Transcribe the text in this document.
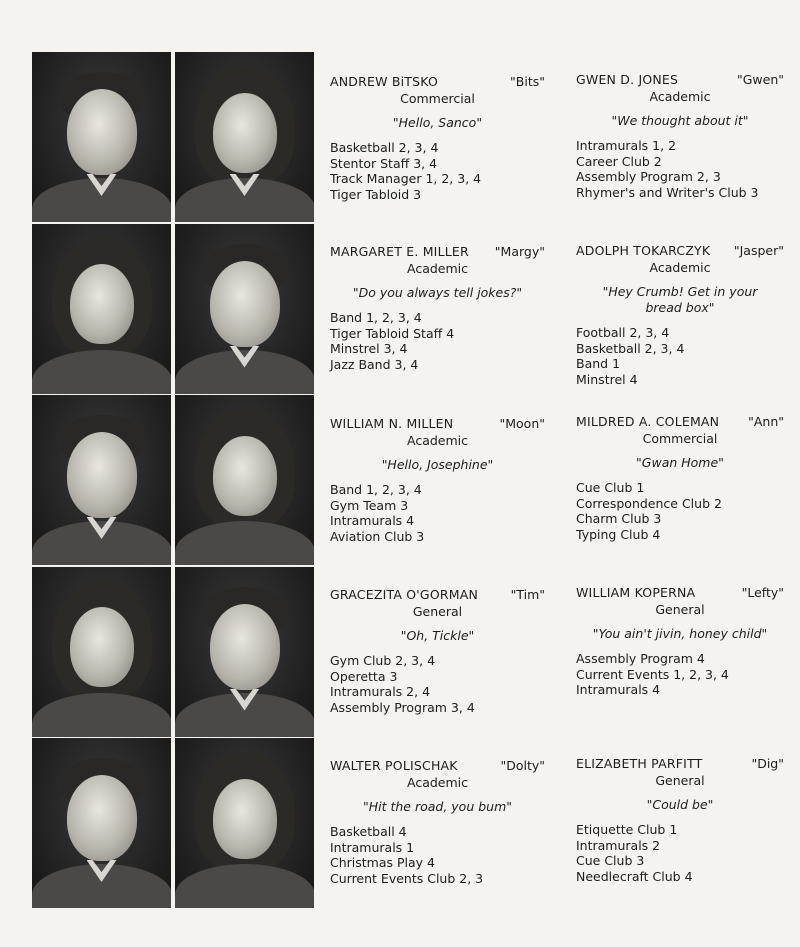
ANDREW BiTSKO	"Bits"
Commercial
"Hello, Sanco"
Basketball 2, 3, 4
Stentor Staff 3, 4
Track Manager 1, 2, 3, 4
Tiger Tabloid 3
GWEN D. JONES	"Gwen"
Academic
"We thought about it"
Intramurals 1, 2
Career Club 2
Assembly Program 2, 3
Rhymer's and Writer's Club 3
MARGARET E. MILLER "Margy"
Academic
"Do you always tell jokes?"
Band 1, 2, 3, 4
Tiger Tabloid Staff 4
Minstrel 3, 4
Jazz Band 3, 4
ADOLPH TOKARCZYK "Jasper"
Academic
"Hey Crumb! Get in your bread box"
Football 2, 3, 4
Basketball 2, 3, 4
Band 1
Minstrel 4
WILLIAM N. MILLEN	"Moon"
Academic
"Hello, Josephine"
Band 1, 2, 3, 4
Gym Team 3
Intramurals 4
Aviation Club 3
MILDRED A. COLEMAN "Ann"
Commercial
"Gwan Home"
Cue Club 1
Correspondence Club 2
Charm Club 3
Typing Club 4
GRACEZITA O'GORMAN	"Tim"
General
"Oh, Tickle"
Gym Club 2, 3, 4
Operetta 3
Intramurals 2, 4
Assembly Program 3, 4
WILLIAM KOPERNA	"Lefty"
General
"You ain't jivin, honey child"
Assembly Program 4
Current Events 1, 2, 3, 4
Intramurals 4
WALTER POLISCHAK	"Dolty"
Academic
"Hit the road, you bum"
Basketball 4
Intramurals 1
Christmas Play 4
Current Events Club 2, 3
ELIZABETH PARFITT	"Dig"
General
"Could be"
Etiquette Club 1
Intramurals 2
Cue Club 3
Needlecraft Club 4
